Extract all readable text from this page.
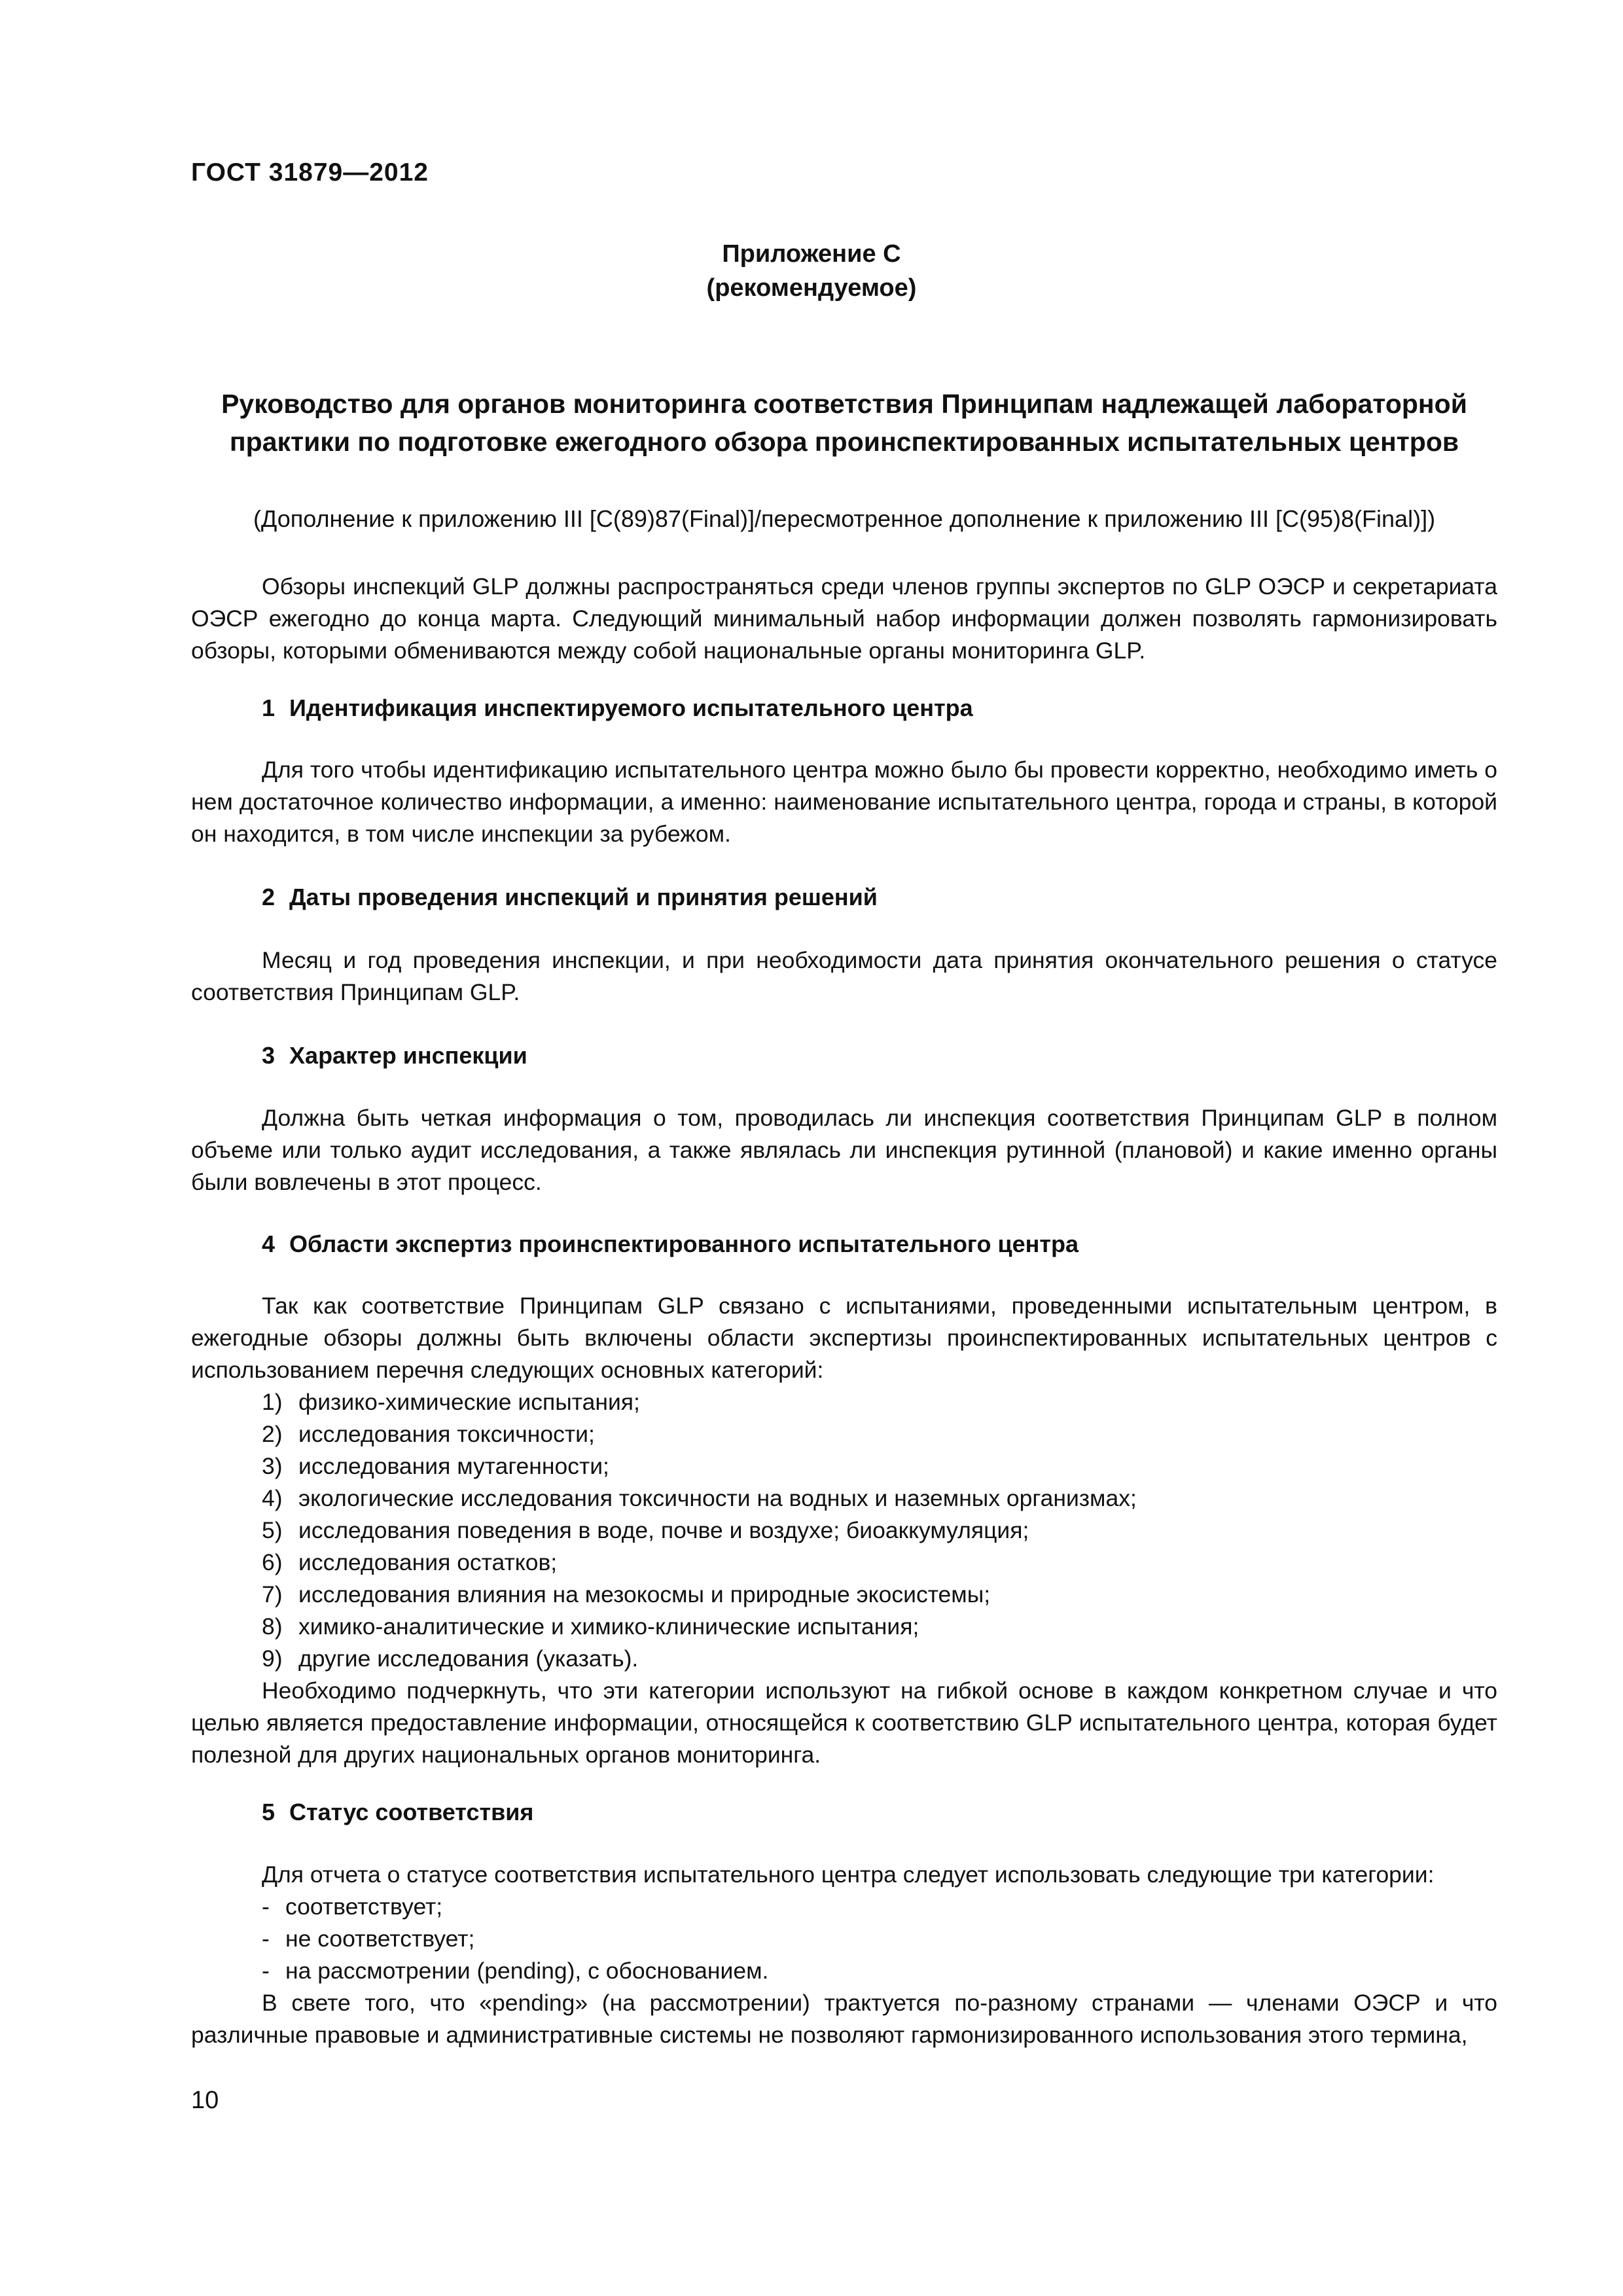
ГОСТ 31879—2012
Приложение С
(рекомендуемое)
Руководство для органов мониторинга соответствия Принципам надлежащей лабораторной практики по подготовке ежегодного обзора проинспектированных испытательных центров
(Дополнение к приложению III [C(89)87(Final)]/пересмотренное дополнение к приложению III [C(95)8(Final)])

Обзоры инспекций GLP должны распространяться среди членов группы экспертов по GLP ОЭСР и секретариата ОЭСР ежегодно до конца марта. Следующий минимальный набор информации должен позволять гармонизировать обзоры, которыми обмениваются между собой национальные органы мониторинга GLP.

1 Идентификация инспектируемого испытательного центра

Для того чтобы идентификацию испытательного центра можно было бы провести корректно, необходимо иметь о нем достаточное количество информации, а именно: наименование испытательного центра, города и страны, в которой он находится, в том числе инспекции за рубежом.

2 Даты проведения инспекций и принятия решений

Месяц и год проведения инспекции, и при необходимости дата принятия окончательного решения о статусе соответствия Принципам GLP.

3 Характер инспекции

Должна быть четкая информация о том, проводилась ли инспекция соответствия Принципам GLP в полном объеме или только аудит исследования, а также являлась ли инспекция рутинной (плановой) и какие именно органы были вовлечены в этот процесс.

4 Области экспертиз проинспектированного испытательного центра

Так как соответствие Принципам GLP связано с испытаниями, проведенными испытательным центром, в ежегодные обзоры должны быть включены области экспертизы проинспектированных испытательных центров с использованием перечня следующих основных категорий:

1) физико-химические испытания;
2) исследования токсичности;
3) исследования мутагенности;
4) экологические исследования токсичности на водных и наземных организмах;
5) исследования поведения в воде, почве и воздухе; биоаккумуляция;
6) исследования остатков;
7) исследования влияния на мезокосмы и природные экосистемы;
8) химико-аналитические и химико-клинические испытания;
9) другие исследования (указать).

Необходимо подчеркнуть, что эти категории используют на гибкой основе в каждом конкретном случае и что целью является предоставление информации, относящейся к соответствию GLP испытательного центра, которая будет полезной для других национальных органов мониторинга.

5 Статус соответствия

Для отчета о статусе соответствия испытательного центра следует использовать следующие три категории:

- соответствует;
- не соответствует;
- на рассмотрении (pending), с обоснованием.

В свете того, что «pending» (на рассмотрении) трактуется по-разному странами — членами ОЭСР и что различные правовые и административные системы не позволяют гармонизированного использования этого термина,

10
